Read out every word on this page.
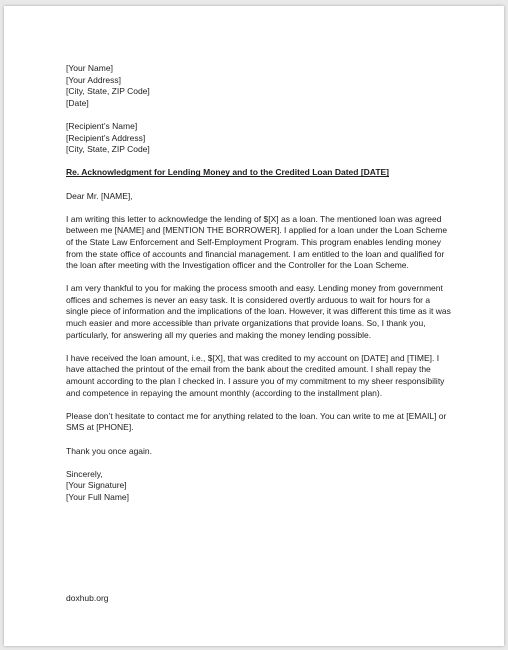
[Your Name]
[Your Address]
[City, State, ZIP Code]
[Date]
[Recipient’s Name]
[Recipient’s Address]
[City, State, ZIP Code]
Re. Acknowledgment for Lending Money and to the Credited Loan Dated [DATE]

Dear Mr. [NAME],

I am writing this letter to acknowledge the lending of $[X] as a loan. The mentioned loan was agreed between me [NAME] and [MENTION THE BORROWER]. I applied for a loan under the Loan Scheme of the State Law Enforcement and Self-Employment Program. This program enables lending money from the state office of accounts and financial management. I am entitled to the loan and qualified for the loan after meeting with the Investigation officer and the Controller for the Loan Scheme.

I am very thankful to you for making the process smooth and easy. Lending money from government offices and schemes is never an easy task. It is considered overtly arduous to wait for hours for a single piece of information and the implications of the loan. However, it was different this time as it was much easier and more accessible than private organizations that provide loans. So, I thank you, particularly, for answering all my queries and making the money lending possible.

I have received the loan amount, i.e., $[X], that was credited to my account on [DATE] and [TIME]. I have attached the printout of the email from the bank about the credited amount. I shall repay the amount according to the plan I checked in. I assure you of my commitment to my sheer responsibility and competence in repaying the amount monthly (according to the installment plan).

Please don’t hesitate to contact me for anything related to the loan. You can write to me at [EMAIL] or SMS at [PHONE].

Thank you once again.

Sincerely,
[Your Signature]
[Your Full Name]
doxhub.org
